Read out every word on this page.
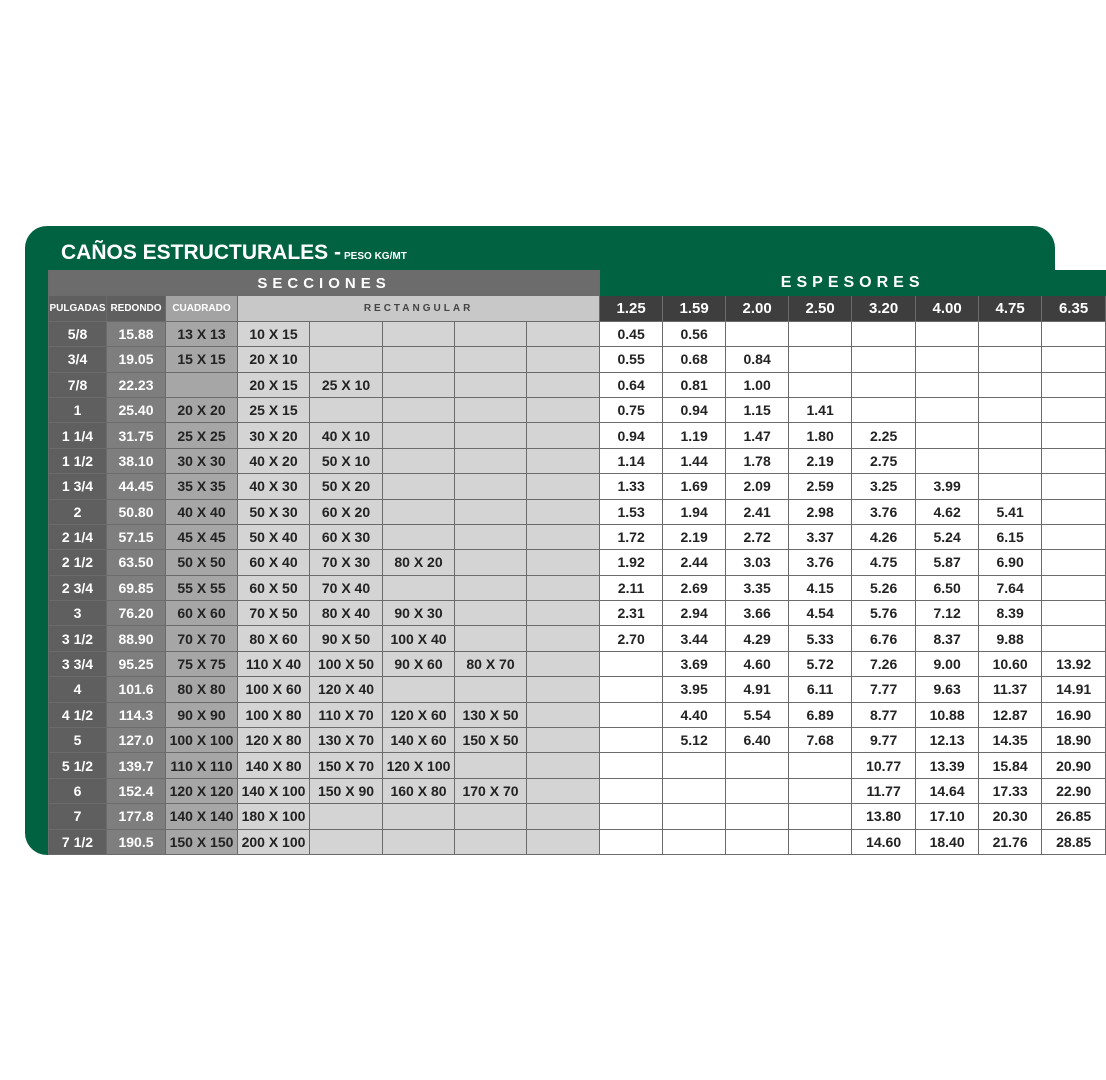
CAÑOS ESTRUCTURALES - PESO KG/MT
SECCIONES								ESPESORES							
PULGADAS	REDONDO	CUADRADO	RECTANGULAR					1.25	1.59	2.00	2.50	3.20	4.00	4.75	6.35
5/8	15.88	13 X 13	10 X 15					0.45	0.56						
3/4	19.05	15 X 15	20 X 10					0.55	0.68	0.84					
7/8	22.23		20 X 15	25 X 10				0.64	0.81	1.00					
1	25.40	20 X 20	25 X 15					0.75	0.94	1.15	1.41				
1 1/4	31.75	25 X 25	30 X 20	40 X 10				0.94	1.19	1.47	1.80	2.25			
1 1/2	38.10	30 X 30	40 X 20	50 X 10				1.14	1.44	1.78	2.19	2.75			
1 3/4	44.45	35 X 35	40 X 30	50 X 20				1.33	1.69	2.09	2.59	3.25	3.99		
2	50.80	40 X 40	50 X 30	60 X 20				1.53	1.94	2.41	2.98	3.76	4.62	5.41	
2 1/4	57.15	45 X 45	50 X 40	60 X 30				1.72	2.19	2.72	3.37	4.26	5.24	6.15	
2 1/2	63.50	50 X 50	60 X 40	70 X 30	80 X 20			1.92	2.44	3.03	3.76	4.75	5.87	6.90	
2 3/4	69.85	55 X 55	60 X 50	70 X 40				2.11	2.69	3.35	4.15	5.26	6.50	7.64	
3	76.20	60 X 60	70 X 50	80 X 40	90 X 30			2.31	2.94	3.66	4.54	5.76	7.12	8.39	
3 1/2	88.90	70 X 70	80 X 60	90 X 50	100 X 40			2.70	3.44	4.29	5.33	6.76	8.37	9.88	
3 3/4	95.25	75 X 75	110 X 40	100 X 50	90 X 60	80 X 70			3.69	4.60	5.72	7.26	9.00	10.60	13.92
4	101.6	80 X 80	100 X 60	120 X 40					3.95	4.91	6.11	7.77	9.63	11.37	14.91
4 1/2	114.3	90 X 90	100 X 80	110 X 70	120 X 60	130 X 50			4.40	5.54	6.89	8.77	10.88	12.87	16.90
5	127.0	100 X 100	120 X 80	130 X 70	140 X 60	150 X 50			5.12	6.40	7.68	9.77	12.13	14.35	18.90
5 1/2	139.7	110 X 110	140 X 80	150 X 70	120 X 100							10.77	13.39	15.84	20.90
6	152.4	120 X 120	140 X 100	150 X 90	160 X 80	170 X 70						11.77	14.64	17.33	22.90
7	177.8	140 X 140	180 X 100									13.80	17.10	20.30	26.85
7 1/2	190.5	150 X 150	200 X 100									14.60	18.40	21.76	28.85
